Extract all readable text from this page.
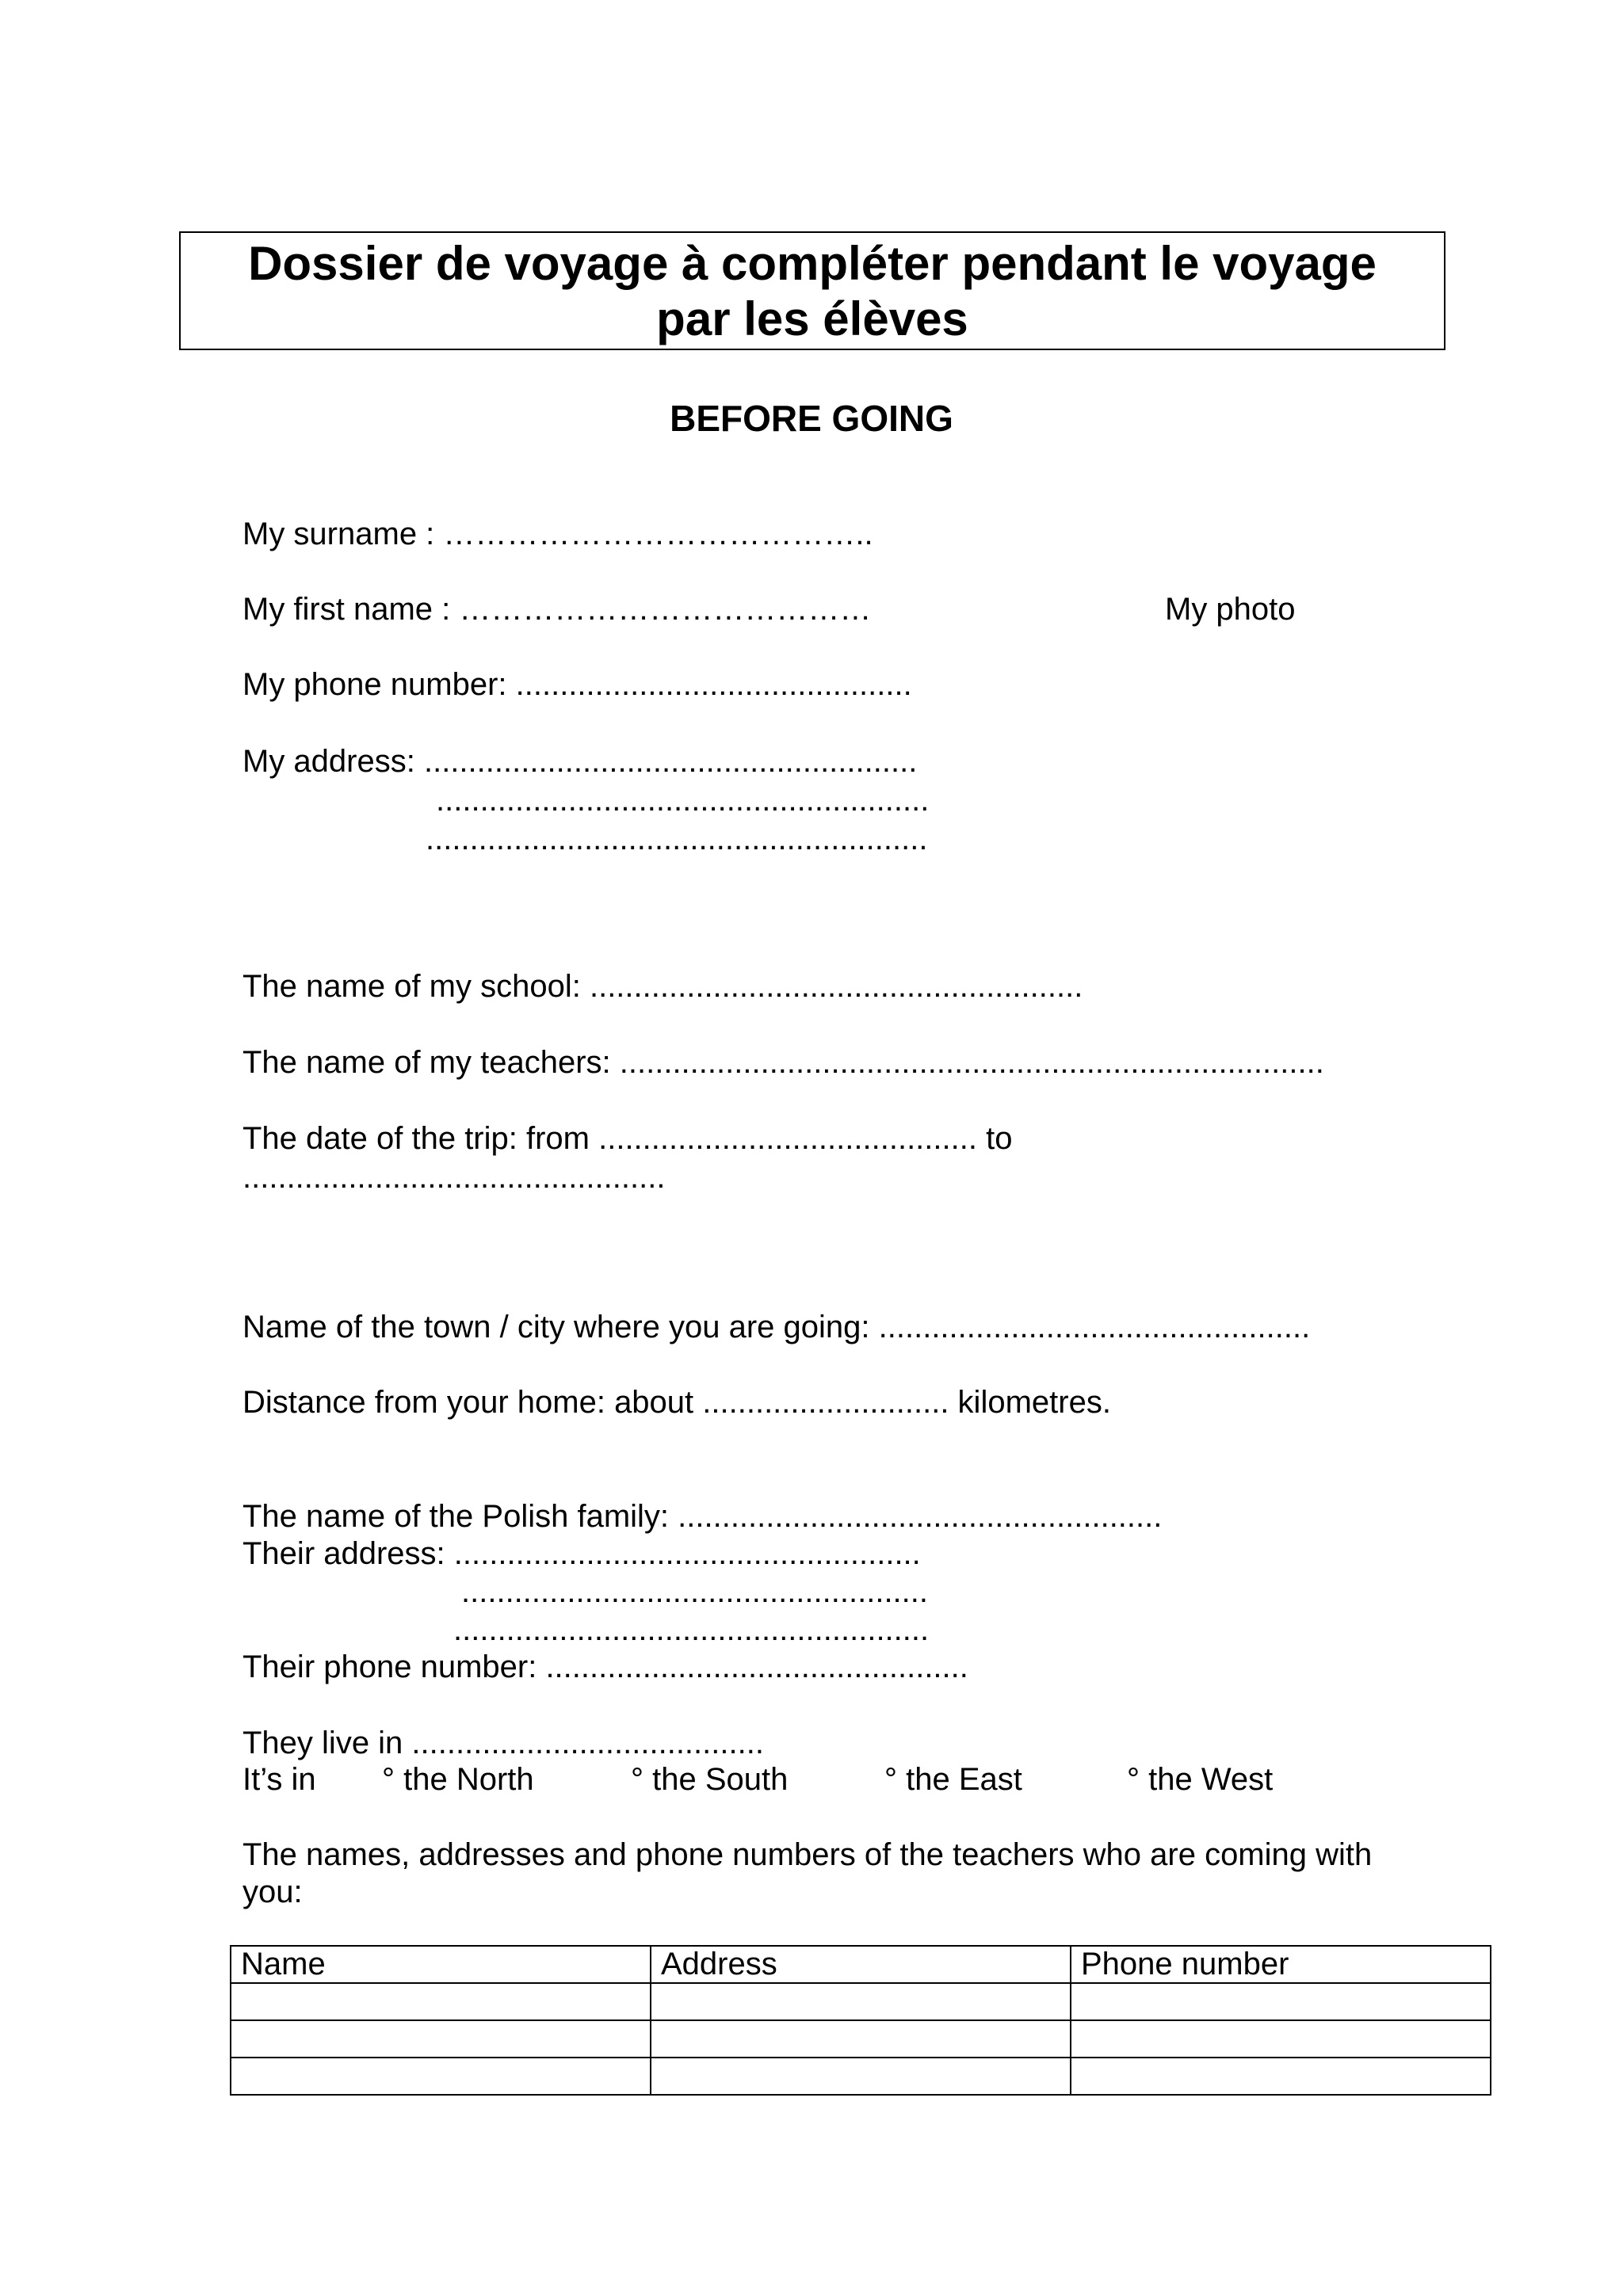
Dossier de voyage à compléter pendant le voyage
par les élèves
BEFORE GOING
My surname : …………………………………..
My first name : …………………………………	My photo
My phone number: .............................................
My address: ........................................................
........................................................
.........................................................
The name of my school: ........................................................
The name of my teachers: ................................................................................
The date of the trip: from ........................................... to
................................................
Name of the town / city where you are going: .................................................
Distance from your home: about ............................ kilometres.
The name of the Polish family: .......................................................
Their address: .....................................................
.....................................................
......................................................
Their phone number: ................................................
They live in ........................................
It’s in ° the North	° the South	° the East	° the West
The names, addresses and phone numbers of the teachers who are coming with
you:
Name	Address	Phone number
